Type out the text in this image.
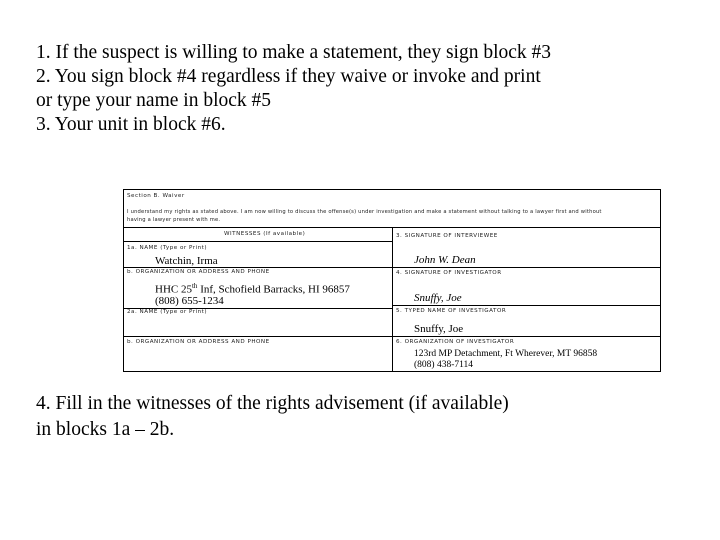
1. If the suspect is willing to make a statement, they sign block #3
2. You sign block #4 regardless if they waive or invoke and print
or type your name in block #5
3. Your unit in block #6.
Section B. Waiver
I understand my rights as stated above. I am now willing to discuss the offense(s) under investigation and make a statement without talking to a lawyer first and without
having a lawyer present with me.
WITNESSES (If available)
1a. NAME (Type or Print)
Watchin, Irma
b. ORGANIZATION OR ADDRESS AND PHONE
HHC 25th Inf, Schofield Barracks, HI 96857
(808) 655-1234
2a. NAME (Type or Print)
b. ORGANIZATION OR ADDRESS AND PHONE
3. SIGNATURE OF INTERVIEWEE
John W. Dean
4. SIGNATURE OF INVESTIGATOR
Snuffy, Joe
5. TYPED NAME OF INVESTIGATOR
Snuffy, Joe
6. ORGANIZATION OF INVESTIGATOR
123rd MP Detachment, Ft Wherever, MT 96858
(808) 438-7114
4. Fill in the witnesses of the rights advisement (if available)
in blocks 1a – 2b.
